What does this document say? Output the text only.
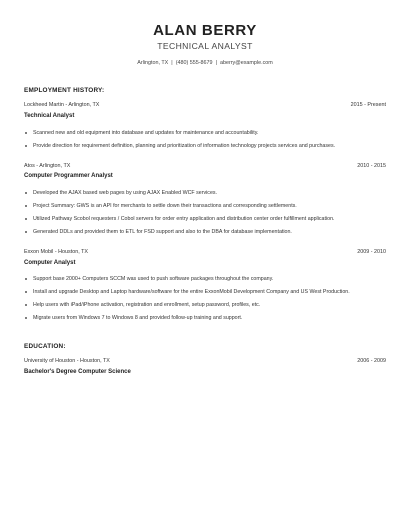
ALAN BERRY
TECHNICAL ANALYST
Arlington, TX | (480) 555-8679 | aberry@example.com
EMPLOYMENT HISTORY:
Lockheed Martin - Arlington, TX	2015 - Present
Technical Analyst
Scanned new and old equipment into database and updates for maintenance and accountability.
Provide direction for requirement definition, planning and prioritization of information technology projects services and purchases.
Atos - Arlington, TX	2010 - 2015
Computer Programmer Analyst
Developed the AJAX based web pages by using AJAX Enabled WCF services.
Project Summary: GWS is an API for merchants to settle down their transactions and corresponding settlements.
Utilized Pathway Scobol requesters / Cobol servers for order entry application and distribution center order fulfillment application.
Generated DDLs and provided them to ETL for FSD support and also to the DBA for database implementation.
Exxon Mobil - Houston, TX	2009 - 2010
Computer Analyst
Support base 2000+ Computers SCCM was used to push software packages throughout the company.
Install and upgrade Desktop and Laptop hardware/software for the entire ExxonMobil Development Company and US West Production.
Help users with iPad/iPhone activation, registration and enrollment, setup password, profiles, etc.
Migrate users from Windows 7 to Windows 8 and provided follow-up training and support.
EDUCATION:
University of Houston - Houston, TX	2006 - 2009
Bachelor's Degree Computer Science
